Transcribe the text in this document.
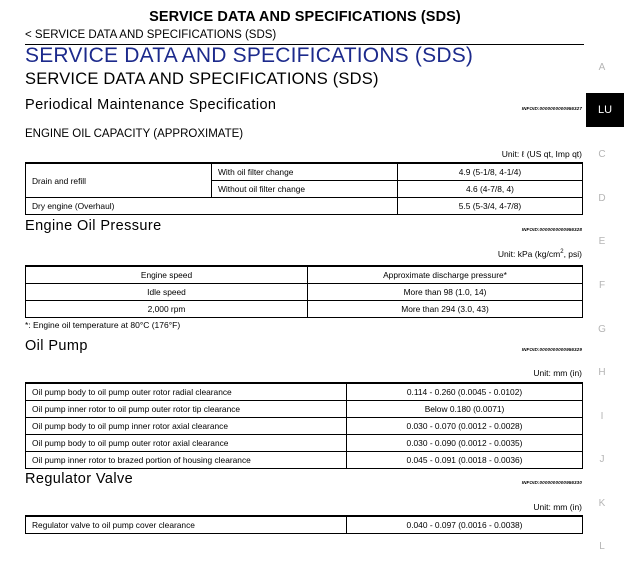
SERVICE DATA AND SPECIFICATIONS (SDS)
< SERVICE DATA AND SPECIFICATIONS (SDS)
SERVICE DATA AND SPECIFICATIONS (SDS)
SERVICE DATA AND SPECIFICATIONS (SDS)
Periodical Maintenance Specification	INFOID:0000000000956327
ENGINE OIL CAPACITY (APPROXIMATE)
Unit: ℓ (US qt, Imp qt)
Drain and refill	With oil filter change	4.9 (5-1/8, 4-1/4)
	Without oil filter change	4.6 (4-7/8, 4)
Dry engine (Overhaul)		5.5 (5-3/4, 4-7/8)
Engine Oil Pressure	INFOID:0000000000956328
Unit: kPa ($kg/cm^2$, psi)
Engine speed	Approximate discharge pressure*
Idle speed	More than 98 (1.0, 14)
2,000 rpm	More than 294 (3.0, 43)
*: Engine oil temperature at 80°C (176°F)
Oil Pump	INFOID:0000000000956329
Unit: mm (in)
Oil pump body to oil pump outer rotor radial clearance	0.114 - 0.260 (0.0045 - 0.0102)
Oil pump inner rotor to oil pump outer rotor tip clearance	Below 0.180 (0.0071)
Oil pump body to oil pump inner rotor axial clearance	0.030 - 0.070 (0.0012 - 0.0028)
Oil pump body to oil pump outer rotor axial clearance	0.030 - 0.090 (0.0012 - 0.0035)
Oil pump inner rotor to brazed portion of housing clearance	0.045 - 0.091 (0.0018 - 0.0036)
Regulator Valve	INFOID:0000000000956330
Unit: mm (in)
Regulator valve to oil pump cover clearance	0.040 - 0.097 (0.0016 - 0.0038)
A
LU
C
D
E
F
G
H
I
J
K
L
